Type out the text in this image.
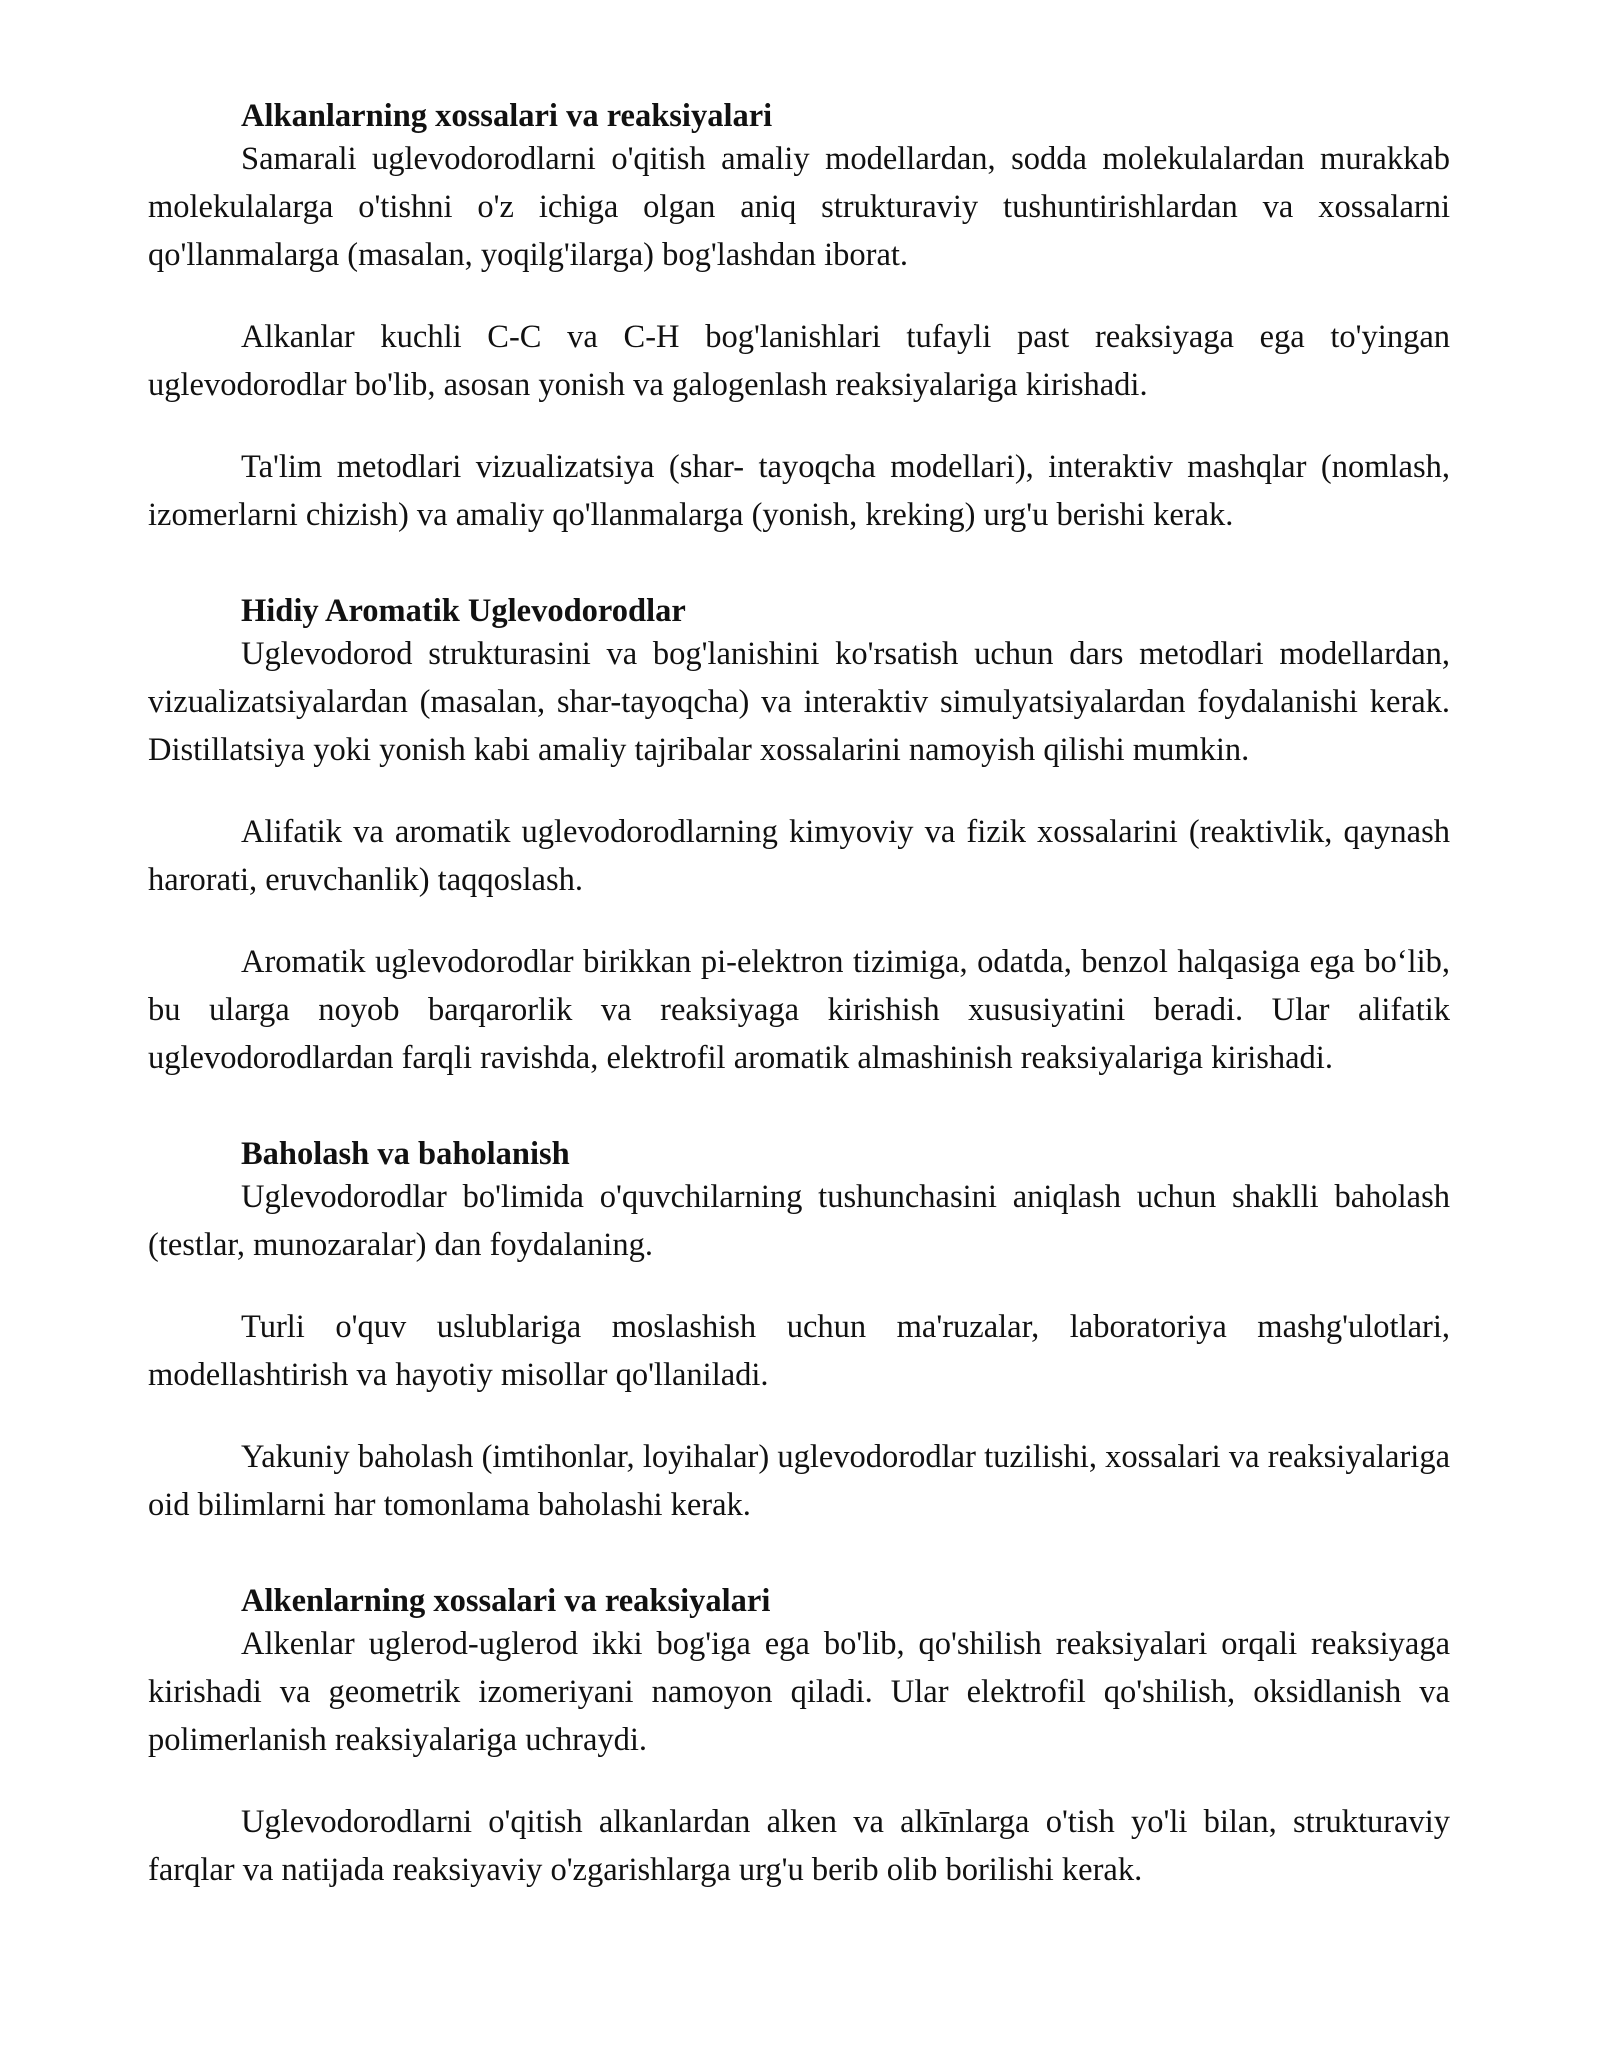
Alkanlarning xossalari va reaksiyalari

Samarali uglevodorodlarni o'qitish amaliy modellardan, sodda molekulalardan murakkab molekulalarga o'tishni o'z ichiga olgan aniq strukturaviy tushuntirishlardan va xossalarni qo'llanmalarga (masalan, yoqilg'ilarga) bog'lashdan iborat.

Alkanlar kuchli C-C va C-H bog'lanishlari tufayli past reaksiyaga ega to'yingan uglevodorodlar bo'lib, asosan yonish va galogenlash reaksiyalariga kirishadi.

Ta'lim metodlari vizualizatsiya (shar- tayoqcha modellari), interaktiv mashqlar (nomlash, izomerlarni chizish) va amaliy qo'llanmalarga (yonish, kreking) urg'u berishi kerak.

Hidiy Aromatik Uglevodorodlar

Uglevodorod strukturasini va bog'lanishini ko'rsatish uchun dars metodlari modellardan, vizualizatsiyalardan (masalan, shar-tayoqcha) va interaktiv simulyatsiyalardan foydalanishi kerak. Distillatsiya yoki yonish kabi amaliy tajribalar xossalarini namoyish qilishi mumkin.

Alifatik va aromatik uglevodorodlarning kimyoviy va fizik xossalarini (reaktivlik, qaynash harorati, eruvchanlik) taqqoslash.

Aromatik uglevodorodlar birikkan pi-elektron tizimiga, odatda, benzol halqasiga ega bo‘lib, bu ularga noyob barqarorlik va reaksiyaga kirishish xususiyatini beradi. Ular alifatik uglevodorodlardan farqli ravishda, elektrofil aromatik almashinish reaksiyalariga kirishadi.

Baholash va baholanish

Uglevodorodlar bo'limida o'quvchilarning tushunchasini aniqlash uchun shaklli baholash (testlar, munozaralar) dan foydalaning.

Turli o'quv uslublariga moslashish uchun ma'ruzalar, laboratoriya mashg'ulotlari, modellashtirish va hayotiy misollar qo'llaniladi.

Yakuniy baholash (imtihonlar, loyihalar) uglevodorodlar tuzilishi, xossalari va reaksiyalariga oid bilimlarni har tomonlama baholashi kerak.

Alkenlarning xossalari va reaksiyalari

Alkenlar uglerod-uglerod ikki bog'iga ega bo'lib, qo'shilish reaksiyalari orqali reaksiyaga kirishadi va geometrik izomeriyani namoyon qiladi. Ular elektrofil qo'shilish, oksidlanish va polimerlanish reaksiyalariga uchraydi.

Uglevodorodlarni o'qitish alkanlardan alken va alkīnlarga o'tish yo'li bilan, strukturaviy farqlar va natijada reaksiyaviy o'zgarishlarga urg'u berib olib borilishi kerak.
